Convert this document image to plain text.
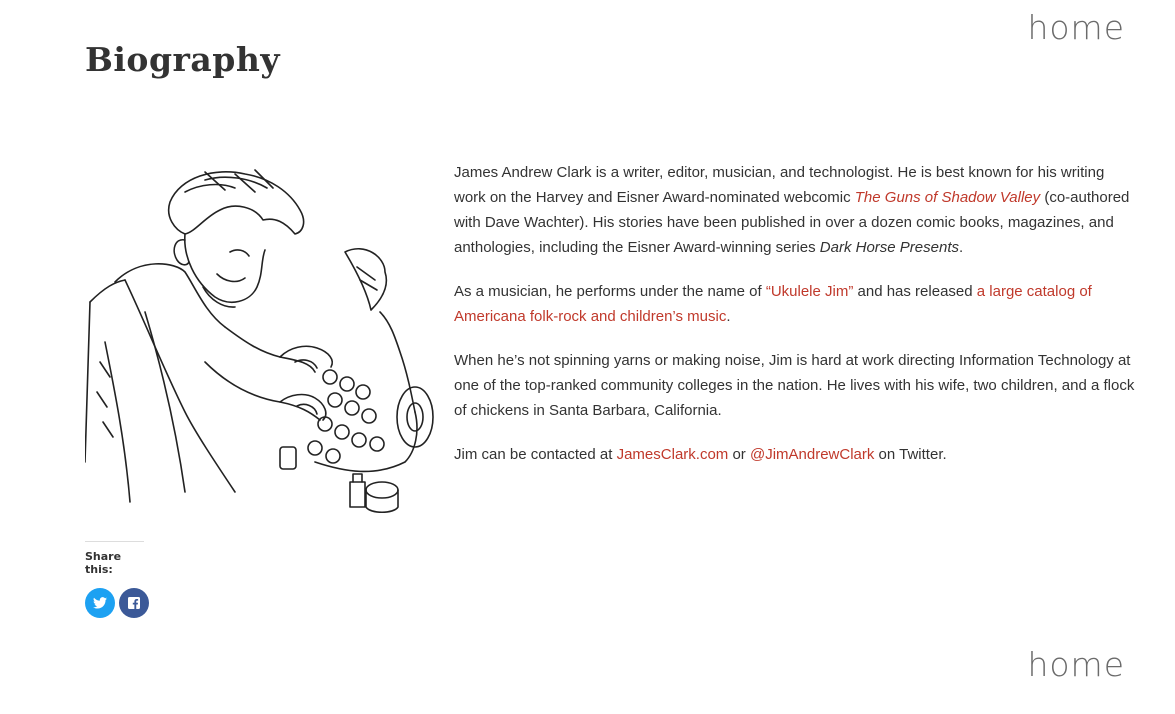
home
Biography
Share this:

James Andrew Clark is a writer, editor, musician, and technologist. He is best known for his writing work on the Harvey and Eisner Award-nominated webcomic The Guns of Shadow Valley (co-authored with Dave Wachter). His stories have been published in over a dozen comic books, magazines, and anthologies, including the Eisner Award-winning series Dark Horse Presents.

As a musician, he performs under the name of “Ukulele Jim” and has released a large catalog of Americana folk-rock and children’s music.

When he’s not spinning yarns or making noise, Jim is hard at work directing Information Technology at one of the top-ranked community colleges in the nation. He lives with his wife, two children, and a flock of chickens in Santa Barbara, California.

Jim can be contacted at JamesClark.com or @JimAndrewClark on Twitter.

home
